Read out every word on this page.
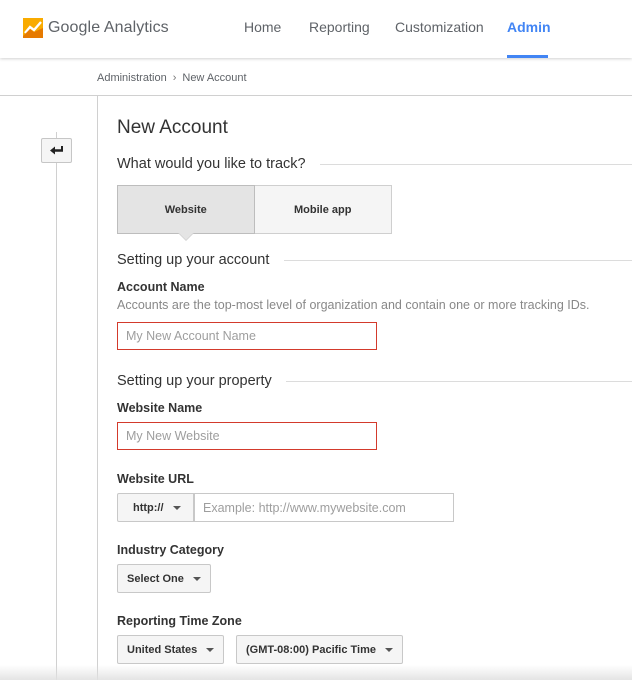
Google Analytics	Home Reporting Customization Admin
Administration › New Account
New Account
What would you like to track?
Website	Mobile app
Setting up your account
Account Name
Accounts are the top-most level of organization and contain one or more tracking IDs.
My New Account Name
Setting up your property
Website Name
My New Website
Website URL
http://
Example: http://www.mywebsite.com
Industry Category
Select One
Reporting Time Zone
United States	(GMT-08:00) Pacific Time
